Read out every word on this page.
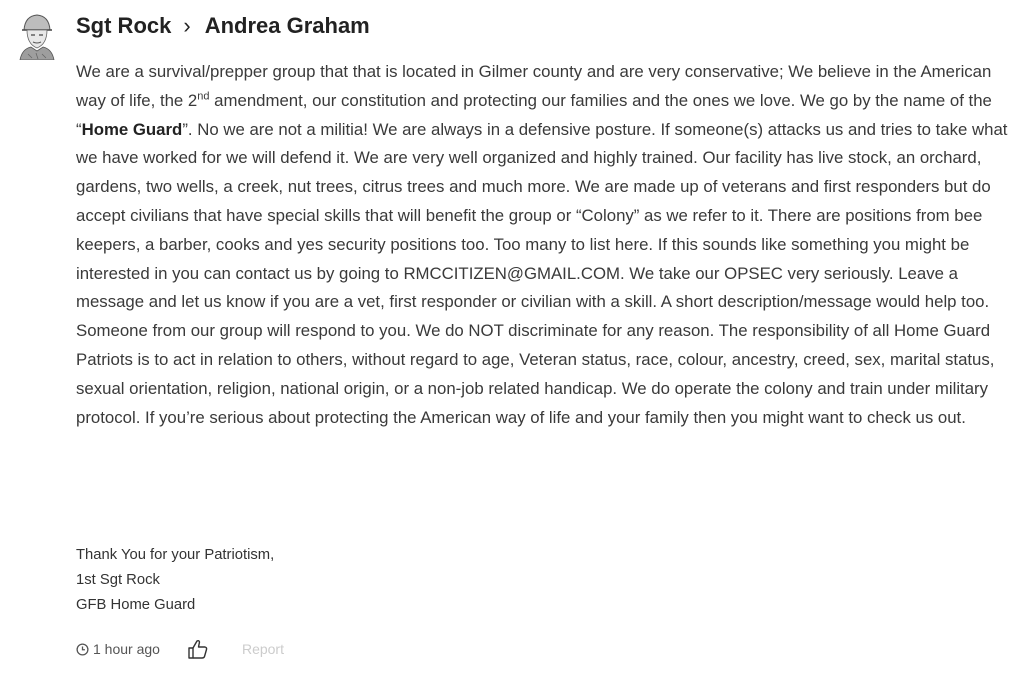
Sgt Rock › Andrea Graham

We are a survival/prepper group that that is located in Gilmer county and are very conservative; We believe in the American way of life, the 2nd amendment, our constitution and protecting our families and the ones we love. We go by the name of the “Home Guard”. No we are not a militia! We are always in a defensive posture. If someone(s) attacks us and tries to take what we have worked for we will defend it. We are very well organized and highly trained. Our facility has live stock, an orchard, gardens, two wells, a creek, nut trees, citrus trees and much more. We are made up of veterans and first responders but do accept civilians that have special skills that will benefit the group or “Colony” as we refer to it. There are positions from bee keepers, a barber, cooks and yes security positions too. Too many to list here. If this sounds like something you might be interested in you can contact us by going to RMCCITIZEN@GMAIL.COM. We take our OPSEC very seriously. Leave a message and let us know if you are a vet, first responder or civilian with a skill. A short description/message would help too. Someone from our group will respond to you. We do NOT discriminate for any reason. The responsibility of all Home Guard Patriots is to act in relation to others, without regard to age, Veteran status, race, colour, ancestry, creed, sex, marital status, sexual orientation, religion, national origin, or a non-job related handicap. We do operate the colony and train under military protocol. If you’re serious about protecting the American way of life and your family then you might want to check us out.

Thank You for your Patriotism,
1st Sgt Rock
GFB Home Guard
1 hour ago	Report
